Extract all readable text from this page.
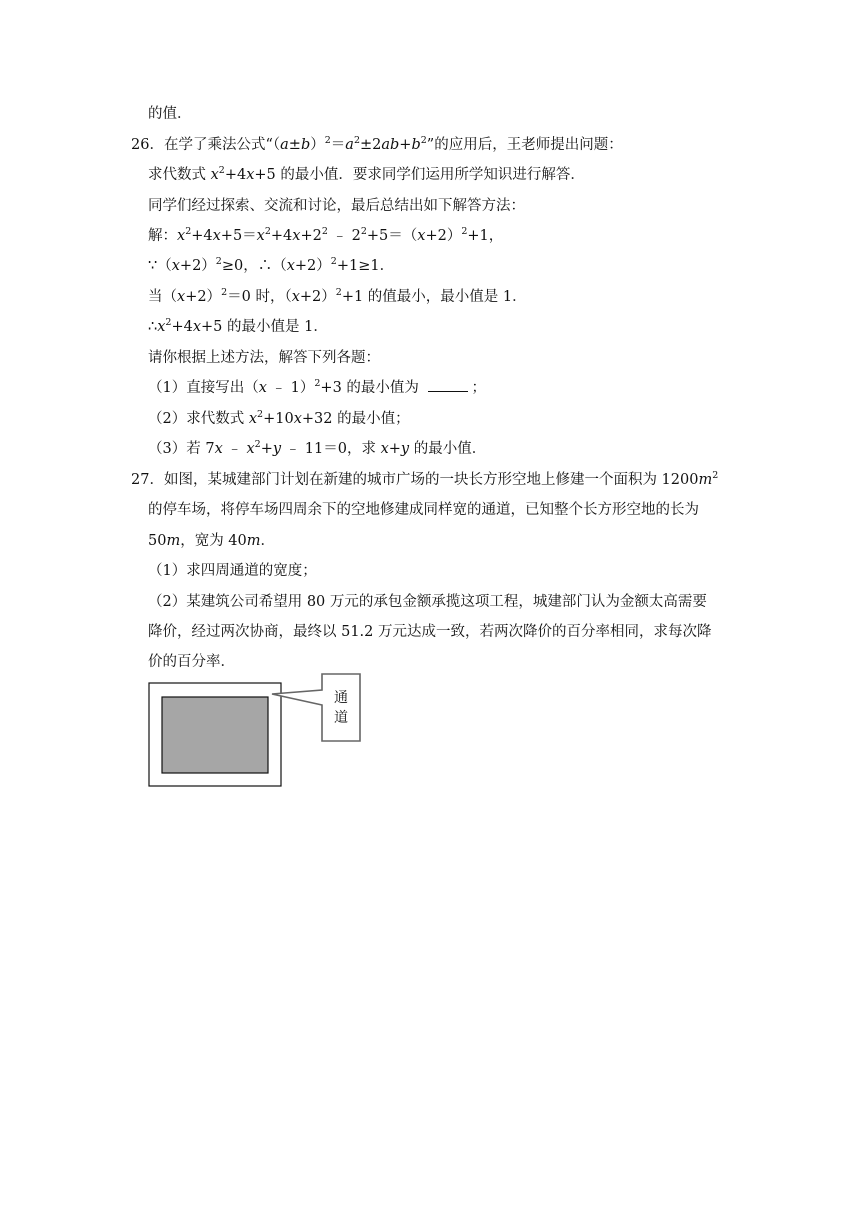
的值．
26．在学了乘法公式“$(a\pm b)^2=a^2\pm 2ab+b^2$”的应用后，王老师提出问题：
求代数式 $x^2+4x+5$ 的最小值．要求同学们运用所学知识进行解答．
同学们经过探索、交流和讨论，最后总结出如下解答方法：
解：$x^2+4x+5=x^2+4x+2^2$ ﹣ $2^2+5=(x+2)^2+1$，
$\because(x+2)^2\ge 0$，$\therefore(x+2)^2+1\ge 1$．
当$(x+2)^2=0$ 时，$(x+2)^2+1$ 的值最小，最小值是 1．
$\therefore x^2+4x+5$ 的最小值是 1．
请你根据上述方法，解答下列各题：
（1）直接写出（x ﹣ 1）$^2$+3 的最小值为	；
（2）求代数式 $x^2+10x+32$ 的最小值；
（3）若 7x ﹣ $x^2+y$ ﹣ 11＝0，求 x+y 的最小值．
27．如图，某城建部门计划在新建的城市广场的一块长方形空地上修建一个面积为 $1200m^2$
的停车场，将停车场四周余下的空地修建成同样宽的通道，已知整个长方形空地的长为
50m，宽为 40m．
（1）求四周通道的宽度；
（2）某建筑公司希望用 80 万元的承包金额承揽这项工程，城建部门认为金额太高需要
降价，经过两次协商，最终以 51.2 万元达成一致，若两次降价的百分率相同，求每次降
价的百分率．
通
道
